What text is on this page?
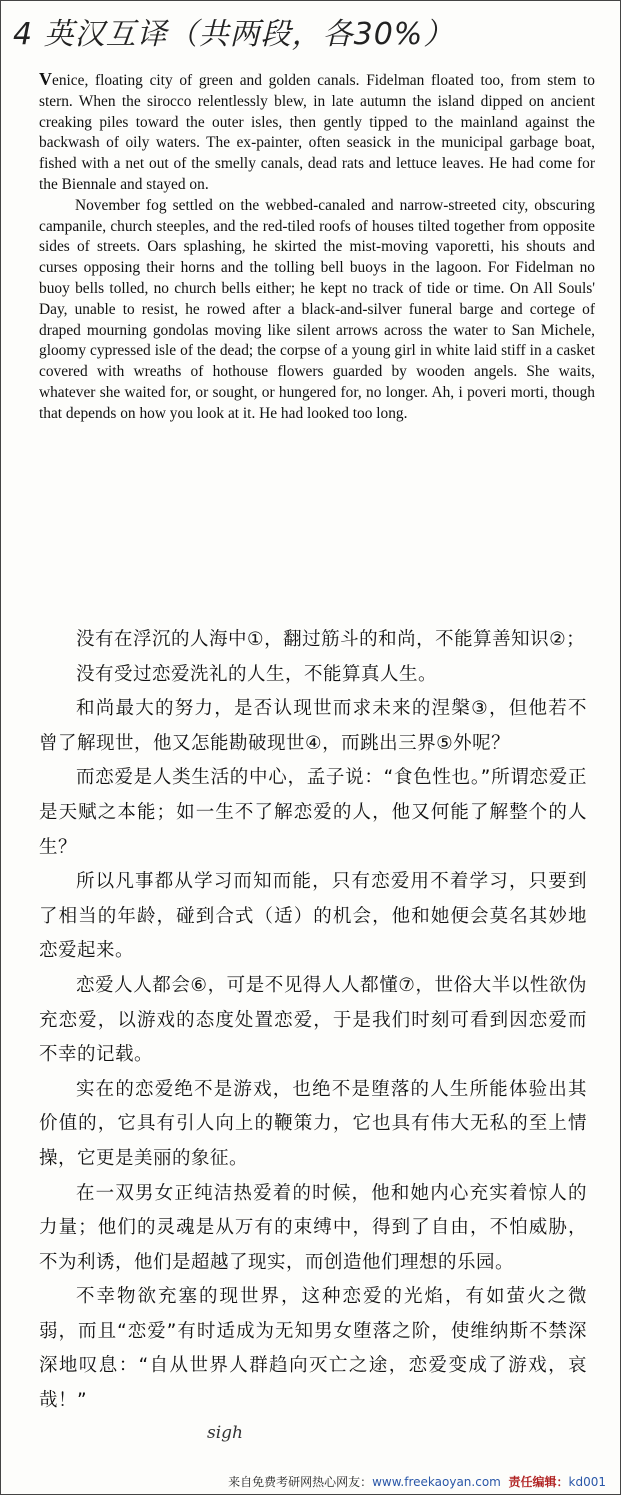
4 英汉互译（共两段，各30%）

Venice, floating city of green and golden canals. Fidelman floated too, from stem to stern. When the sirocco relentlessly blew, in late autumn the island dipped on ancient creaking piles toward the outer isles, then gently tipped to the mainland against the backwash of oily waters. The ex-painter, often seasick in the municipal garbage boat, fished with a net out of the smelly canals, dead rats and lettuce leaves. He had come for the Biennale and stayed on.

November fog settled on the webbed-canaled and narrow-streeted city, obscuring campanile, church steeples, and the red-tiled roofs of houses tilted together from opposite sides of streets. Oars splashing, he skirted the mist-moving vaporetti, his shouts and curses opposing their horns and the tolling bell buoys in the lagoon. For Fidelman no buoy bells tolled, no church bells either; he kept no track of tide or time. On All Souls' Day, unable to resist, he rowed after a black-and-silver funeral barge and cortege of draped mourning gondolas moving like silent arrows across the water to San Michele, gloomy cypressed isle of the dead; the corpse of a young girl in white laid stiff in a casket covered with wreaths of hothouse flowers guarded by wooden angels. She waits, whatever she waited for, or sought, or hungered for, no longer. Ah, i poveri morti, though that depends on how you look at it. He had looked too long.

没有在浮沉的人海中①，翻过筋斗的和尚，不能算善知识②；

没有受过恋爱洗礼的人生，不能算真人生。

和尚最大的努力，是否认现世而求未来的涅槃③，但他若不曾了解现世，他又怎能勘破现世④，而跳出三界⑤外呢？

而恋爱是人类生活的中心，孟子说：“食色性也。”所谓恋爱正是天赋之本能；如一生不了解恋爱的人，他又何能了解整个的人生？

所以凡事都从学习而知而能，只有恋爱用不着学习，只要到了相当的年龄，碰到合式（适）的机会，他和她便会莫名其妙地恋爱起来。

恋爱人人都会⑥，可是不见得人人都懂⑦，世俗大半以性欲伪充恋爱，以游戏的态度处置恋爱，于是我们时刻可看到因恋爱而不幸的记载。

实在的恋爱绝不是游戏，也绝不是堕落的人生所能体验出其价值的，它具有引人向上的鞭策力，它也具有伟大无私的至上情操，它更是美丽的象征。

在一双男女正纯洁热爱着的时候，他和她内心充实着惊人的力量；他们的灵魂是从万有的束缚中，得到了自由，不怕威胁，不为利诱，他们是超越了现实，而创造他们理想的乐园。

不幸物欲充塞的现世界，这种恋爱的光焰，有如萤火之微弱，而且“恋爱”有时适成为无知男女堕落之阶，使维纳斯不禁深深地叹息：“自从世界人群趋向灭亡之途，恋爱变成了游戏，哀哉！”

sigh
来自免费考研网热心网友：www.freekaoyan.com 责任编辑：kd001
